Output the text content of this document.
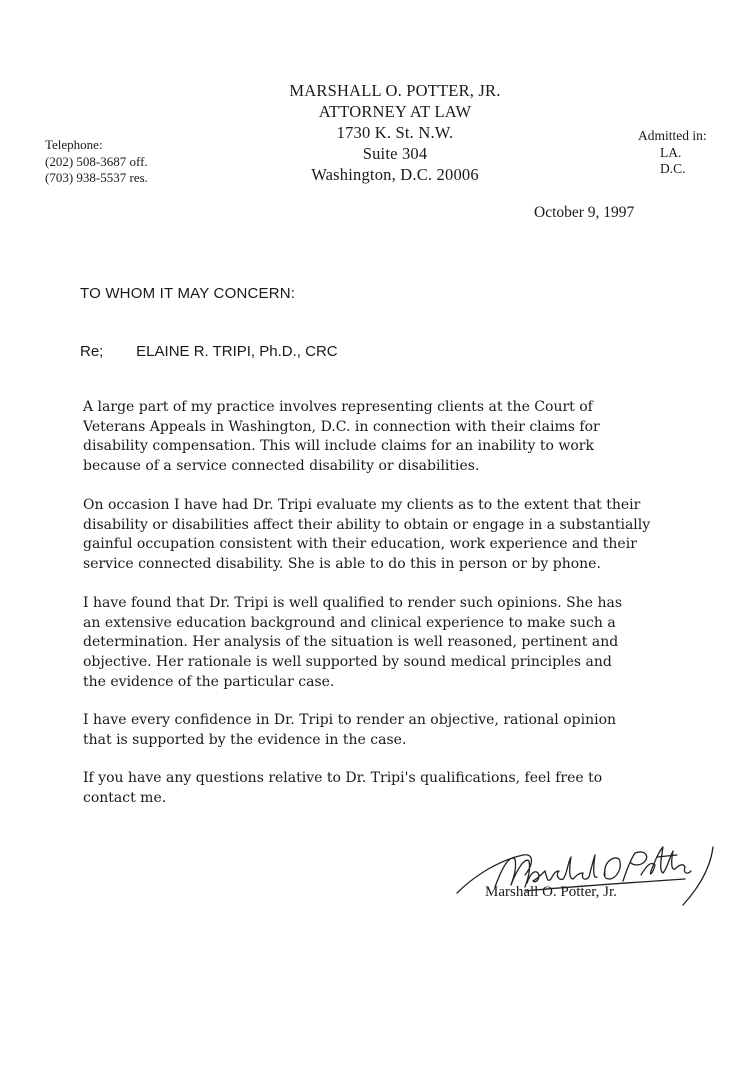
MARSHALL O. POTTER, JR.
ATTORNEY AT LAW
1730 K. St. N.W.
Suite 304
Washington, D.C. 20006
Telephone:
(202) 508-3687 off.
(703) 938-5537 res.
Admitted in:
LA.
D.C.
October 9, 1997
TO WHOM IT MAY CONCERN:
Re; ELAINE R. TRIPI, Ph.D., CRC

A large part of my practice involves representing clients at the Court of

Veterans Appeals in Washington, D.C. in connection with their claims for

disability compensation. This will include claims for an inability to work

because of a service connected disability or disabilities.

On occasion I have had Dr. Tripi evaluate my clients as to the extent that their

disability or disabilities affect their ability to obtain or engage in a substantially

gainful occupation consistent with their education, work experience and their

service connected disability. She is able to do this in person or by phone.

I have found that Dr. Tripi is well qualified to render such opinions. She has

an extensive education background and clinical experience to make such a

determination. Her analysis of the situation is well reasoned, pertinent and

objective. Her rationale is well supported by sound medical principles and

the evidence of the particular case.

I have every confidence in Dr. Tripi to render an objective, rational opinion

that is supported by the evidence in the case.

If you have any questions relative to Dr. Tripi's qualifications, feel free to

contact me.

Marshall O. Potter, Jr.
